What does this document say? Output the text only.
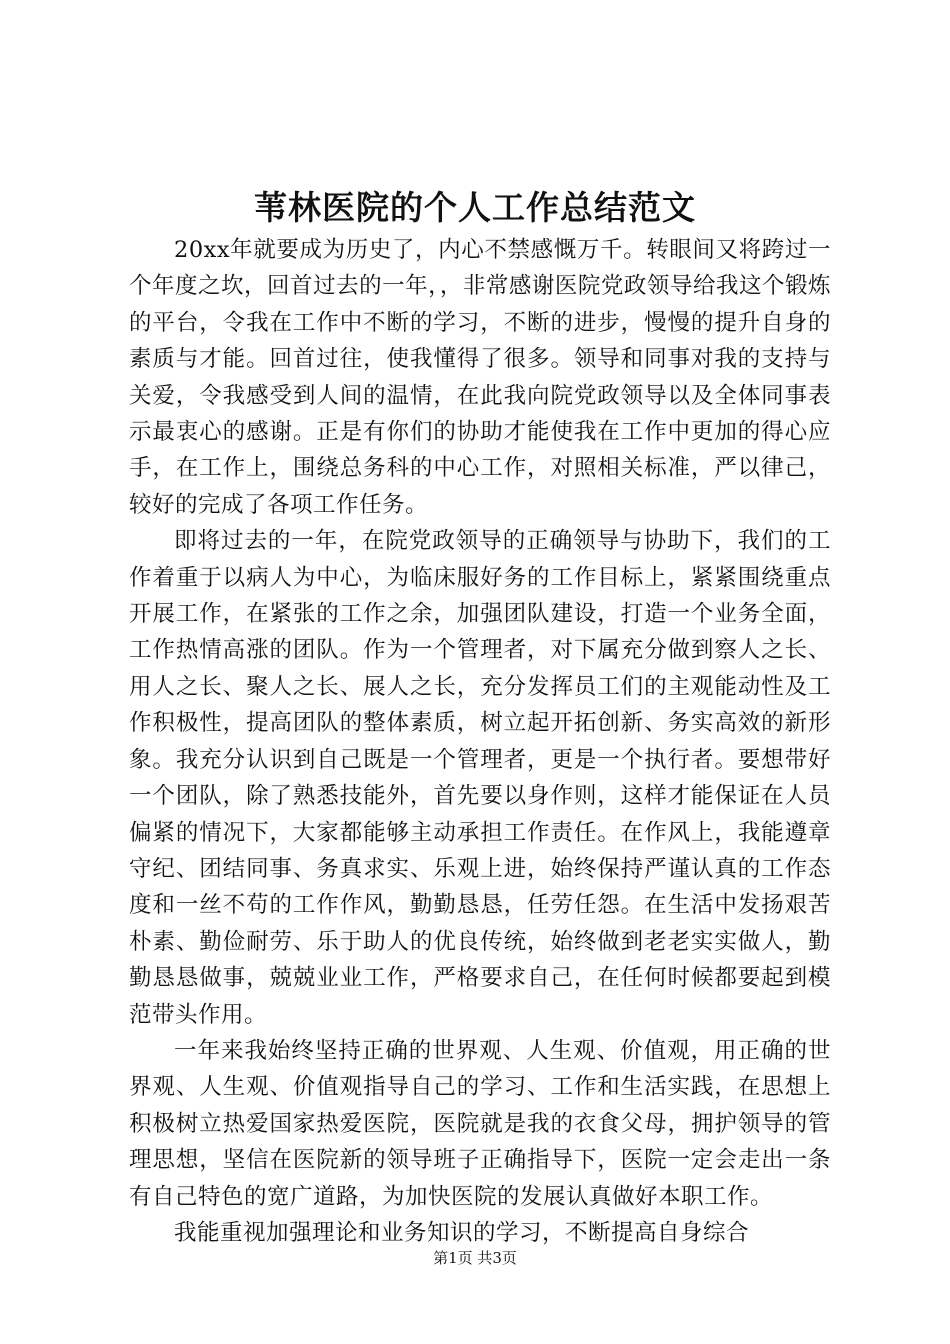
苇林医院的个人工作总结范文

20xx年就要成为历史了，内心不禁感慨万千。转眼间又将跨过一个年度之坎，回首过去的一年，，非常感谢医院党政领导给我这个锻炼的平台，令我在工作中不断的学习，不断的进步，慢慢的提升自身的素质与才能。回首过往，使我懂得了很多。领导和同事对我的支持与关爱，令我感受到人间的温情，在此我向院党政领导以及全体同事表示最衷心的感谢。正是有你们的协助才能使我在工作中更加的得心应手，在工作上，围绕总务科的中心工作，对照相关标准，严以律己，较好的完成了各项工作任务。

即将过去的一年，在院党政领导的正确领导与协助下，我们的工作着重于以病人为中心，为临床服好务的工作目标上，紧紧围绕重点开展工作，在紧张的工作之余，加强团队建设，打造一个业务全面，工作热情高涨的团队。作为一个管理者，对下属充分做到察人之长、用人之长、聚人之长、展人之长，充分发挥员工们的主观能动性及工作积极性，提高团队的整体素质，树立起开拓创新、务实高效的新形象。我充分认识到自己既是一个管理者，更是一个执行者。要想带好一个团队，除了熟悉技能外，首先要以身作则，这样才能保证在人员偏紧的情况下，大家都能够主动承担工作责任。在作风上，我能遵章守纪、团结同事、务真求实、乐观上进，始终保持严谨认真的工作态度和一丝不苟的工作作风，勤勤恳恳，任劳任怨。在生活中发扬艰苦朴素、勤俭耐劳、乐于助人的优良传统，始终做到老老实实做人，勤勤恳恳做事，兢兢业业工作，严格要求自己，在任何时候都要起到模范带头作用。

一年来我始终坚持正确的世界观、人生观、价值观，用正确的世界观、人生观、价值观指导自己的学习、工作和生活实践，在思想上积极树立热爱国家热爱医院，医院就是我的衣食父母，拥护领导的管理思想，坚信在医院新的领导班子正确指导下，医院一定会走出一条有自己特色的宽广道路，为加快医院的发展认真做好本职工作。

我能重视加强理论和业务知识的学习，不断提高自身综合

第1页 共3页
